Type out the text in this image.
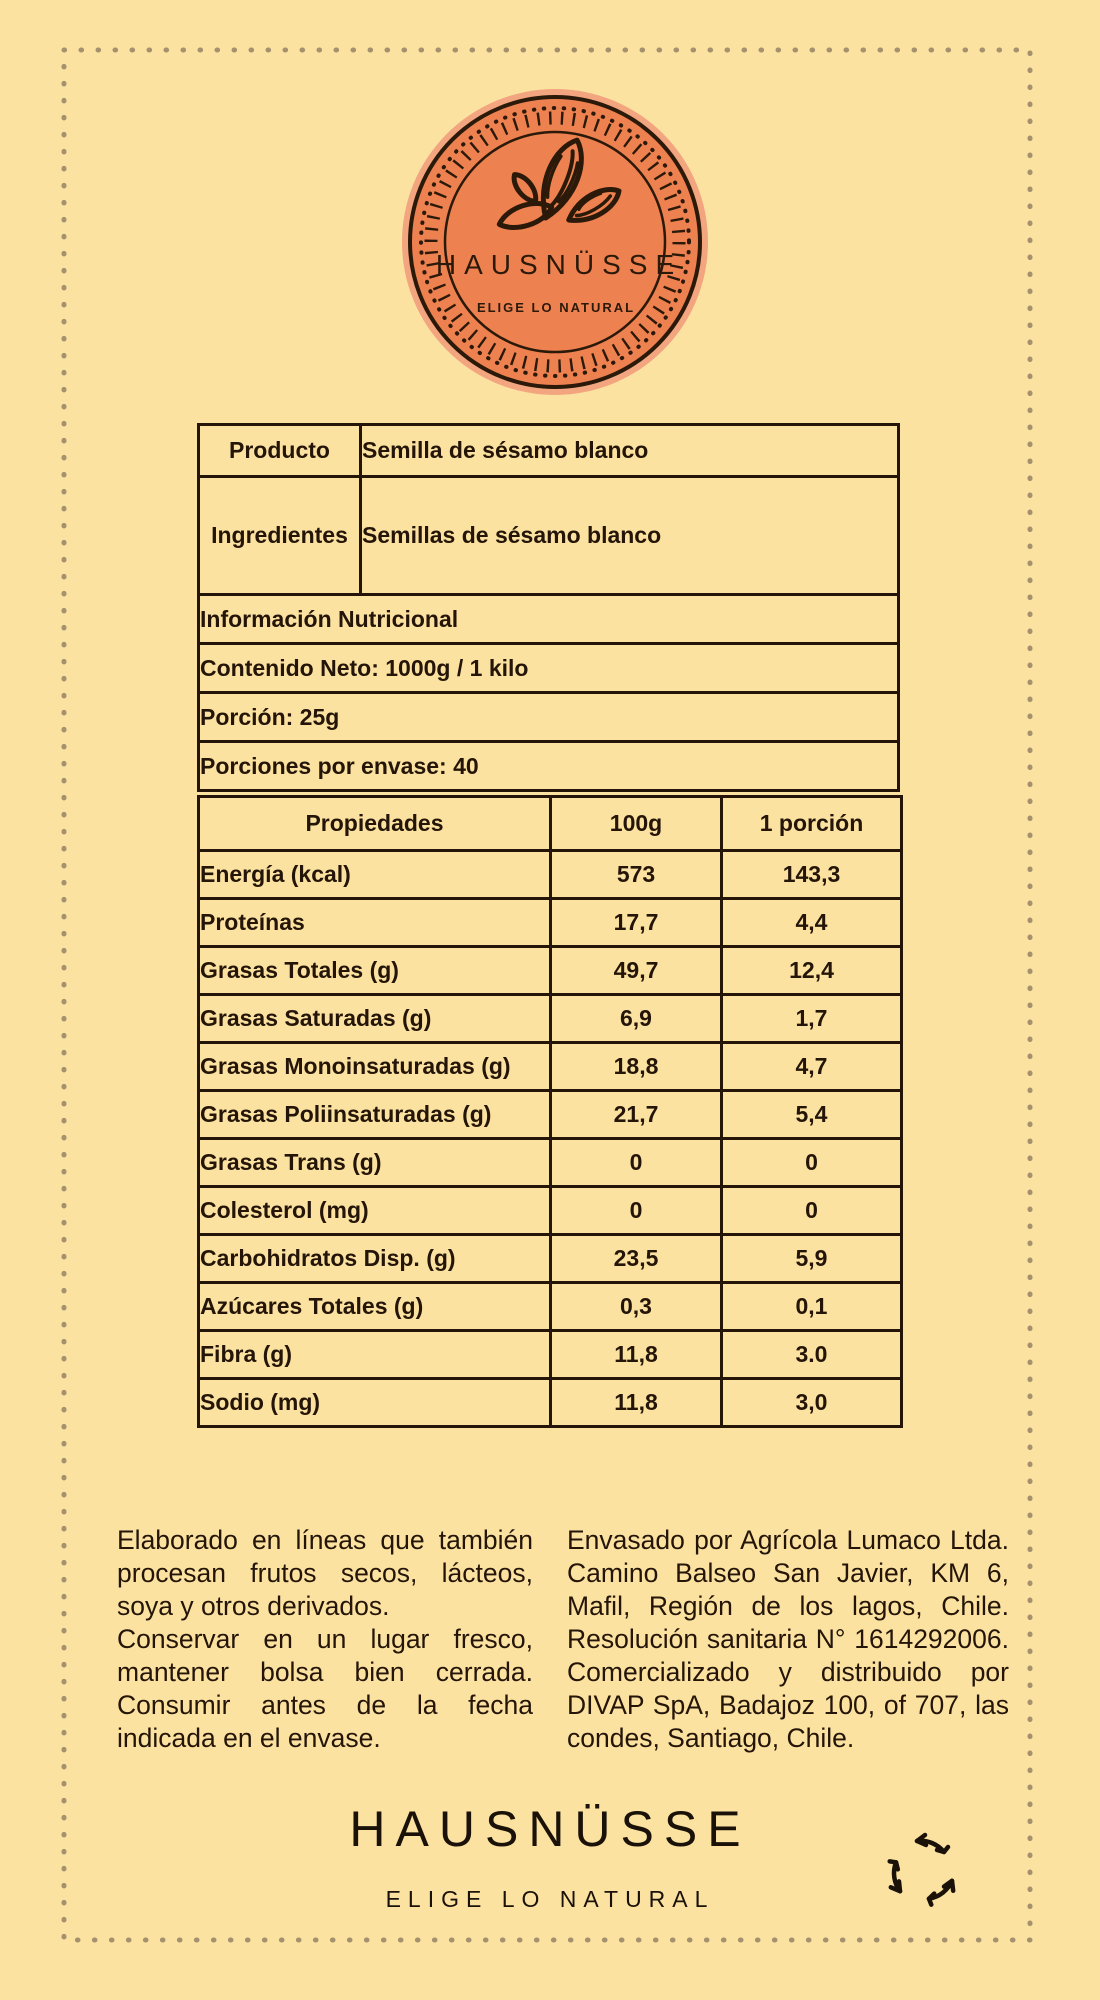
HAUSNÜSSE
ELIGE LO NATURAL
Producto	Semilla de sésamo blanco
Ingredientes	Semillas de sésamo blanco
Información Nutricional
Contenido Neto: 1000g / 1 kilo
Porción: 25g
Porciones por envase: 40
Propiedades	100g	1 porción
Energía (kcal)	573	143,3
Proteínas	17,7	4,4
Grasas Totales (g)	49,7	12,4
Grasas Saturadas (g)	6,9	1,7
Grasas Monoinsaturadas (g)	18,8	4,7
Grasas Poliinsaturadas (g)	21,7	5,4
Grasas Trans (g)	0	0
Colesterol (mg)	0	0
Carbohidratos Disp. (g)	23,5	5,9
Azúcares Totales (g)	0,3	0,1
Fibra (g)	11,8	3.0
Sodio (mg)	11,8	3,0

Elaborado en líneas que también procesan frutos secos, lácteos, soya y otros derivados.

Conservar en un lugar fresco, mantener bolsa bien cerrada. Consumir antes de la fecha indicada en el envase.

Envasado por Agrícola Lumaco Ltda. Camino Balseo San Javier, KM 6, Mafil, Región de los lagos, Chile. Resolución sanitaria N° 1614292006. Comercializado y distribuido por DIVAP SpA, Badajoz 100, of 707, las condes, Santiago, Chile.

HAUSNÜSSE
ELIGE LO NATURAL
